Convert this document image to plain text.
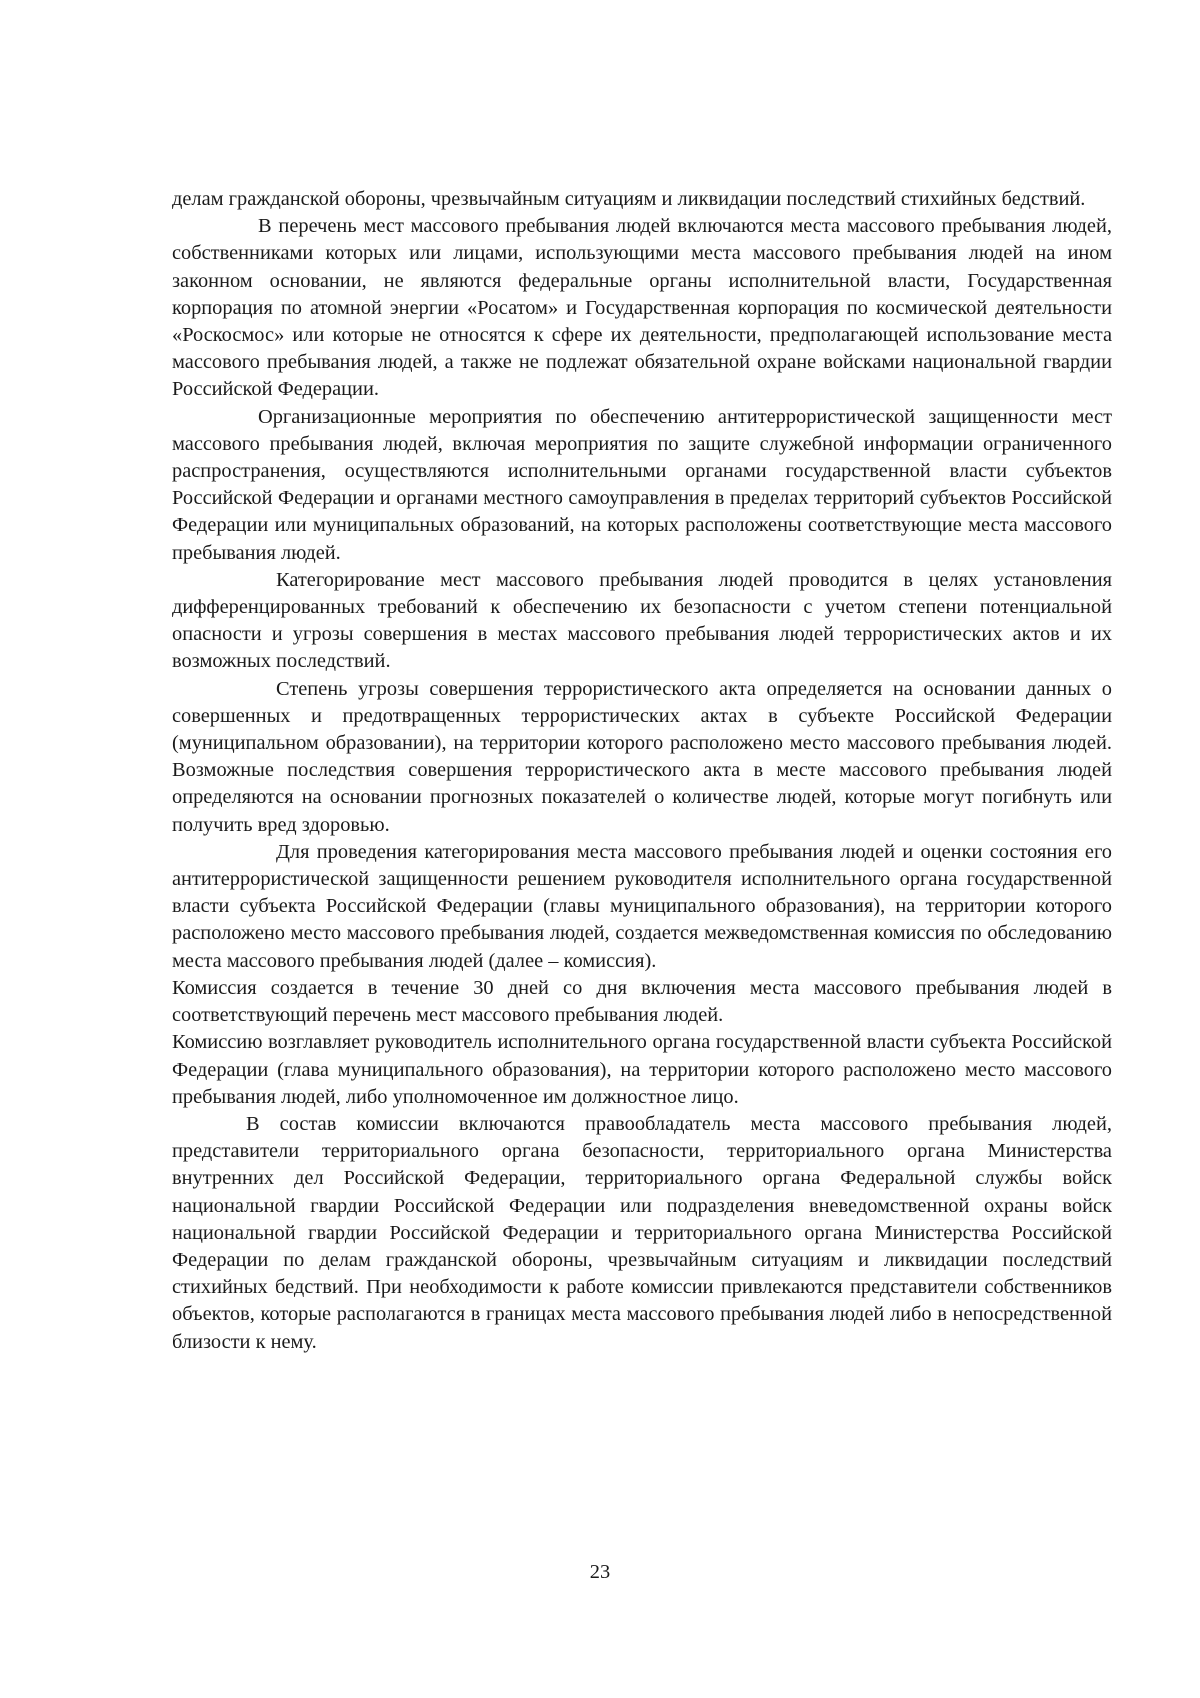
делам гражданской обороны, чрезвычайным ситуациям и ликвидации последствий стихийных бедствий.

В перечень мест массового пребывания людей включаются места массового пребывания людей, собственниками которых или лицами, использующими места массового пребывания людей на ином законном основании, не являются федеральные органы исполнительной власти, Государственная корпорация по атомной энергии «Росатом» и Государственная корпорация по космической деятельности «Роскосмос» или которые не относятся к сфере их деятельности, предполагающей использование места массового пребывания людей, а также не подлежат обязательной охране войсками национальной гвардии Российской Федерации.

Организационные мероприятия по обеспечению антитеррористической защищенности мест массового пребывания людей, включая мероприятия по защите служебной информации ограниченного распространения, осуществляются исполнительными органами государственной власти субъектов Российской Федерации и органами местного самоуправления в пределах территорий субъектов Российской Федерации или муниципальных образований, на которых расположены соответствующие места массового пребывания людей.

Категорирование мест массового пребывания людей проводится в целях установления дифференцированных требований к обеспечению их безопасности с учетом степени потенциальной опасности и угрозы совершения в местах массового пребывания людей террористических актов и их возможных последствий.

Степень угрозы совершения террористического акта определяется на основании данных о совершенных и предотвращенных террористических актах в субъекте Российской Федерации (муниципальном образовании), на территории которого расположено место массового пребывания людей. Возможные последствия совершения террористического акта в месте массового пребывания людей определяются на основании прогнозных показателей о количестве людей, которые могут погибнуть или получить вред здоровью.

Для проведения категорирования места массового пребывания людей и оценки состояния его антитеррористической защищенности решением руководителя исполнительного органа государственной власти субъекта Российской Федерации (главы муниципального образования), на территории которого расположено место массового пребывания людей, создается межведомственная комиссия по обследованию места массового пребывания людей (далее – комиссия).

Комиссия создается в течение 30 дней со дня включения места массового пребывания людей в соответствующий перечень мест массового пребывания людей.

Комиссию возглавляет руководитель исполнительного органа государственной власти субъекта Российской Федерации (глава муниципального образования), на территории которого расположено место массового пребывания людей, либо уполномоченное им должностное лицо.

В состав комиссии включаются правообладатель места массового пребывания людей, представители территориального органа безопасности, территориального органа Министерства внутренних дел Российской Федерации, территориального органа Федеральной службы войск национальной гвардии Российской Федерации или подразделения вневедомственной охраны войск национальной гвардии Российской Федерации и территориального органа Министерства Российской Федерации по делам гражданской обороны, чрезвычайным ситуациям и ликвидации последствий стихийных бедствий. При необходимости к работе комиссии привлекаются представители собственников объектов, которые располагаются в границах места массового пребывания людей либо в непосредственной близости к нему.

23
